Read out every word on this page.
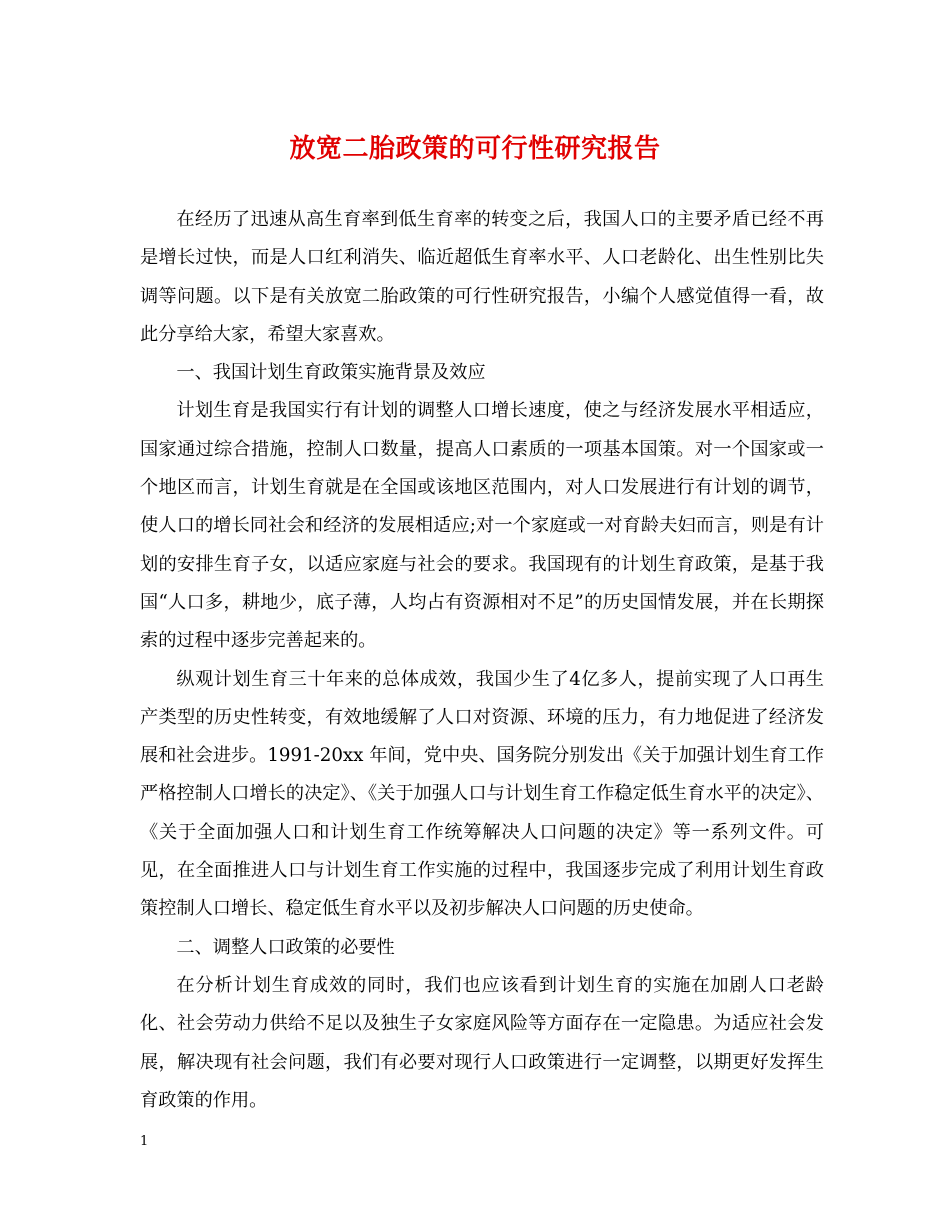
放宽二胎政策的可行性研究报告

在经历了迅速从高生育率到低生育率的转变之后，我国人口的主要矛盾已经不再是增长过快，而是人口红利消失、临近超低生育率水平、人口老龄化、出生性别比失调等问题。以下是有关放宽二胎政策的可行性研究报告，小编个人感觉值得一看，故此分享给大家，希望大家喜欢。

一、我国计划生育政策实施背景及效应

计划生育是我国实行有计划的调整人口增长速度，使之与经济发展水平相适应，国家通过综合措施，控制人口数量，提高人口素质的一项基本国策。对一个国家或一个地区而言，计划生育就是在全国或该地区范围内，对人口发展进行有计划的调节，使人口的增长同社会和经济的发展相适应;对一个家庭或一对育龄夫妇而言，则是有计划的安排生育子女，以适应家庭与社会的要求。我国现有的计划生育政策，是基于我国“人口多，耕地少，底子薄，人均占有资源相对不足”的历史国情发展，并在长期探索的过程中逐步完善起来的。

纵观计划生育三十年来的总体成效，我国少生了4亿多人，提前实现了人口再生产类型的历史性转变，有效地缓解了人口对资源、环境的压力，有力地促进了经济发展和社会进步。1991-20xx 年间，党中央、国务院分别发出《关于加强计划生育工作严格控制人口增长的决定》、《关于加强人口与计划生育工作稳定低生育水平的决定》、《关于全面加强人口和计划生育工作统筹解决人口问题的决定》等一系列文件。可见，在全面推进人口与计划生育工作实施的过程中，我国逐步完成了利用计划生育政策控制人口增长、稳定低生育水平以及初步解决人口问题的历史使命。

二、调整人口政策的必要性

在分析计划生育成效的同时，我们也应该看到计划生育的实施在加剧人口老龄化、社会劳动力供给不足以及独生子女家庭风险等方面存在一定隐患。为适应社会发展，解决现有社会问题，我们有必要对现行人口政策进行一定调整，以期更好发挥生育政策的作用。

1
